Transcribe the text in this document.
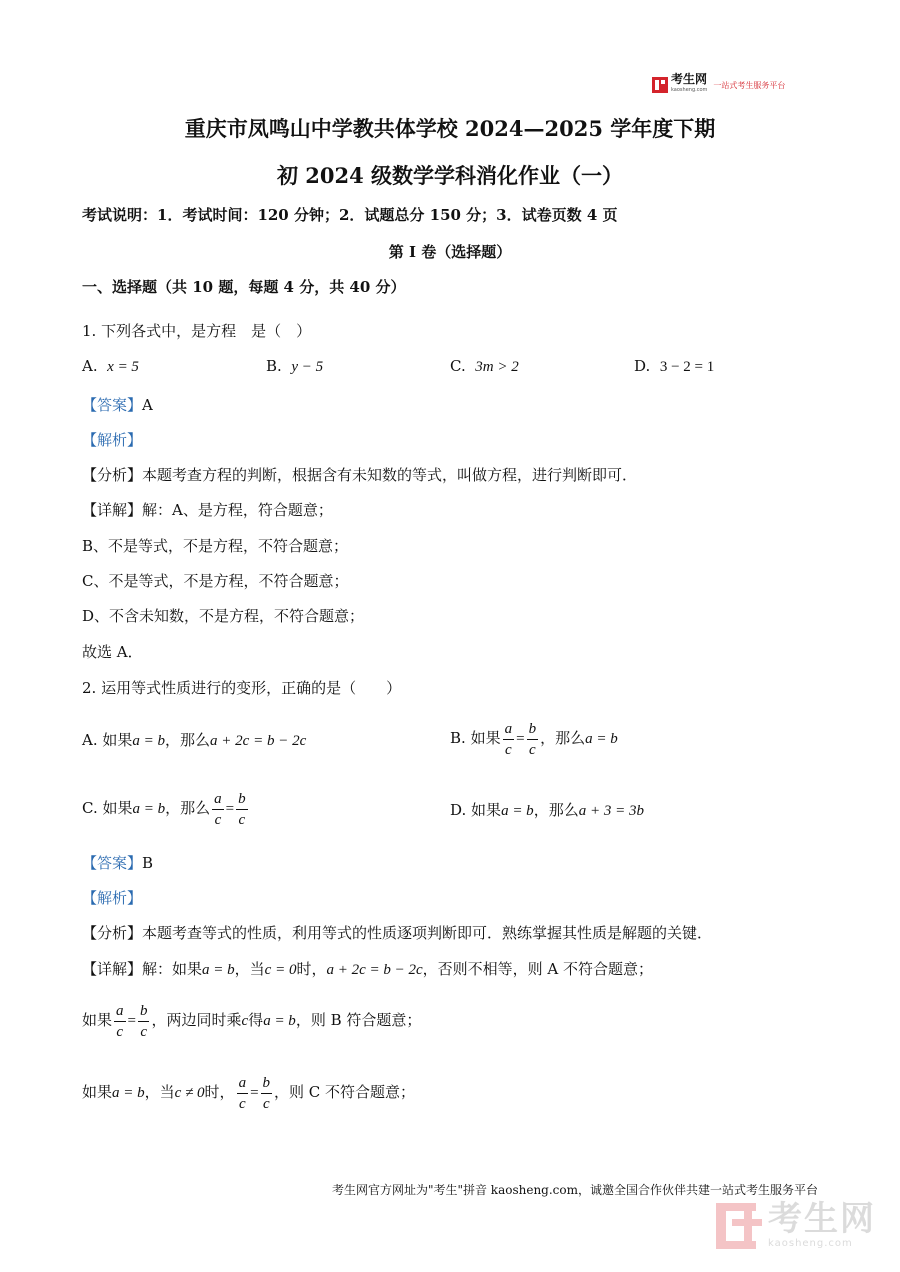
考生网
kaosheng.com
一站式考生服务平台
重庆市凤鸣山中学教共体学校 2024—2025 学年度下期
初 2024 级数学学科消化作业（一）
考试说明：1．考试时间：120 分钟；2．试题总分 150 分；3．试卷页数 4 页
第 I 卷（选择题）
一、选择题（共 10 题，每题 4 分，共 40 分）
1. 下列各式中，是方程　是（　）
A. x = 5	B. y − 5	C. 3m > 2	D. 3 − 2 = 1
【答案】A
【解析】
【分析】本题考查方程的判断，根据含有未知数的等式，叫做方程，进行判断即可．
【详解】解：A、是方程，符合题意；
B、不是等式，不是方程，不符合题意；
C、不是等式，不是方程，不符合题意；
D、不含未知数，不是方程，不符合题意；
故选 A．
2. 运用等式性质进行的变形，正确的是（　　）
A. 如果a = b，那么a + 2c = b − 2c	B. 如果 $\frac{a}{c} = \frac{b}{c}$ ，那么a = b
C. 如果a = b，那么 $\frac{a}{c} = \frac{b}{c}$	D. 如果a = b，那么a + 3 = 3b
【答案】B
【解析】
【分析】本题考查等式的性质，利用等式的性质逐项判断即可．熟练掌握其性质是解题的关键．
【详解】解：如果a = b，当c = 0时，a + 2c = b − 2c，否则不相等，则 A 不符合题意；
如果 $\frac{a}{c} = \frac{b}{c}$ ，两边同时乘c得a = b，则 B 符合题意；
如果a = b，当c ≠ 0时， $\frac{a}{c} = \frac{b}{c}$ ，则 C 不符合题意；
考生网官方网址为"考生"拼音 kaosheng.com，诚邀全国合作伙伴共建一站式考生服务平台
考生网
kaosheng.com
